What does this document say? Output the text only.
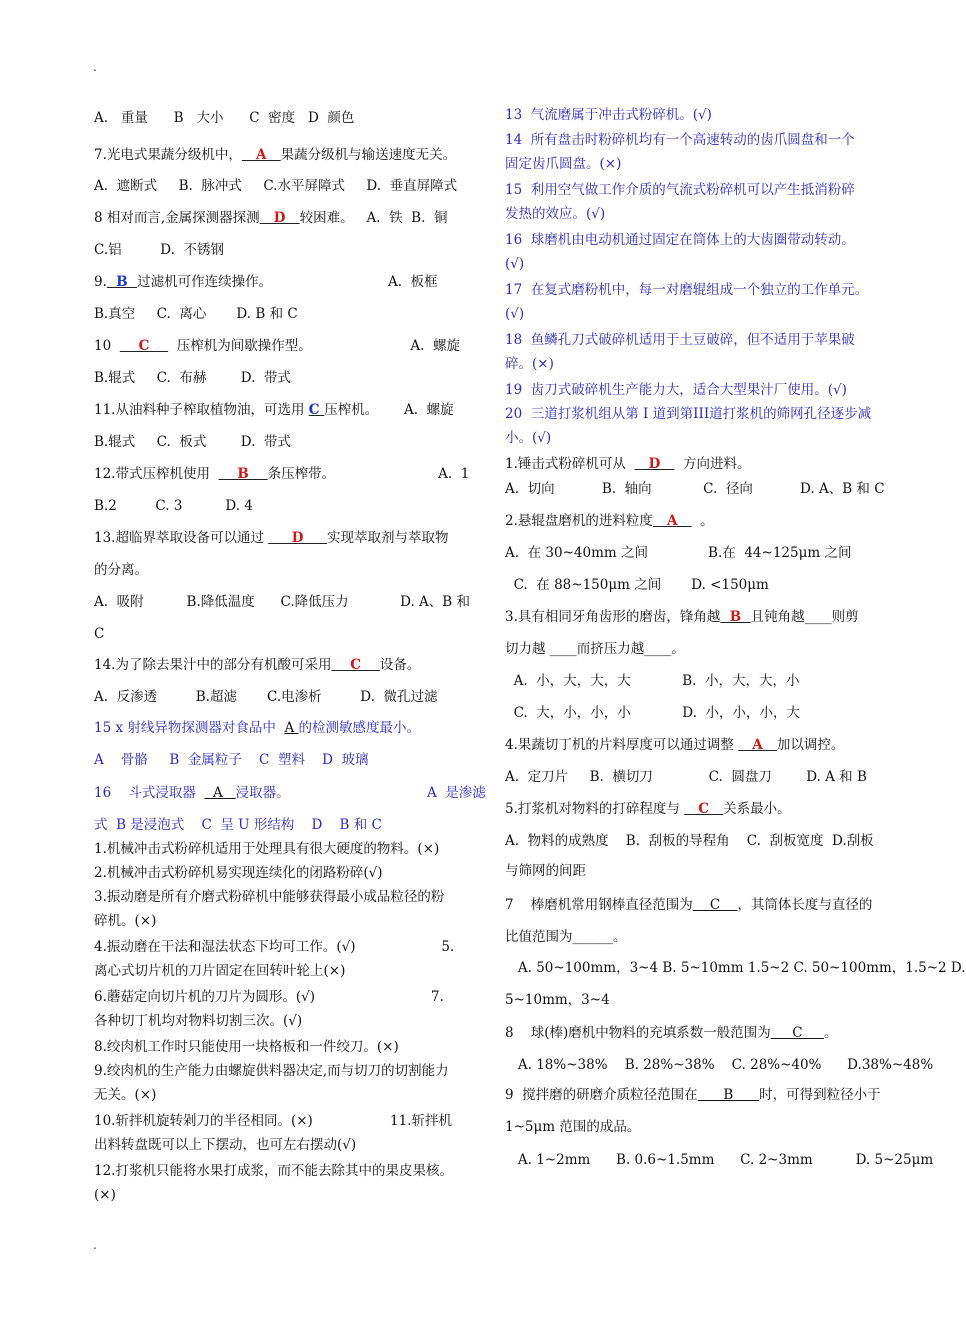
.
.
A.   重量      B   大小      C  密度   D  颜色
7.光电式果蔬分级机中，   A   果蔬分级机与输送速度无关。
A.  遮断式     B.  脉冲式     C.水平屏障式     D.  垂直屏障式
8 相对而言,金属探测器探测   D   较困难。   A.  铁  B.  铜
C.铝         D.  不锈钢
9.  B  过滤机可作连续操作。                           A.  板框
B.真空     C.  离心       D. B 和 C
10      C      压榨机为间歇操作型。                       A.  螺旋
B.辊式     C.  布赫        D.  带式
11.从油料种子榨取植物油，可选用 C 压榨机。      A.  螺旋
B.辊式     C.  板式        D.  带式
12.带式压榨机使用      B    条压榨带。                        A.  1
B.2         C. 3          D. 4
13.超临界萃取设备可以通过      D     实现萃取剂与萃取物
的分离。
A.  吸附          B.降低温度      C.降低压力            D. A、B 和
C
14.为了除去果汁中的部分有机酸可采用    C    设备。
A.  反渗透         B.超滤       C.电渗析         D.  微孔过滤
15 x 射线异物探测器对食品中  A 的检测敏感度最小。
A    骨骼     B  金属粒子    C  塑料    D  玻璃
16    斗式浸取器    A   浸取器。                                A  是渗滤
式  B 是浸泡式    C  呈 U 形结构    D    B 和 C
1.机械冲击式粉碎机适用于处理具有很大硬度的物料。(×)
2.机械冲击式粉碎机易实现连续化的闭路粉碎(√)
3.振动磨是所有介磨式粉碎机中能够获得最小成品粒径的粉
碎机。(×)
4.振动磨在干法和湿法状态下均可工作。(√)                    5.
离心式切片机的刀片固定在回转叶轮上(×)
6.蘑菇定向切片机的刀片为圆形。(√)                           7.
各种切丁机均对物料切割三次。(√)
8.绞肉机工作时只能使用一块格板和一件绞刀。(×)
9.绞肉机的生产能力由螺旋供料器决定,而与切刀的切割能力
无关。(×)
10.斩拌机旋转剁刀的半径相同。(×)                  11.斩拌机
出料转盘既可以上下摆动，也可左右摆动(√)
12.打浆机只能将水果打成浆，而不能去除其中的果皮果核。
(×)
13  气流磨属于冲击式粉碎机。(√)
14  所有盘击时粉碎机均有一个高速转动的齿爪圆盘和一个
固定齿爪圆盘。(×)
15  利用空气做工作介质的气流式粉碎机可以产生抵消粉碎
发热的效应。(√)
16  球磨机由电动机通过固定在筒体上的大齿圈带动转动。
(√)
17  在复式磨粉机中，每一对磨辊组成一个独立的工作单元。
(√)
18  鱼鳞孔刀式破碎机适用于土豆破碎，但不适用于苹果破
碎。(×)
19  齿刀式破碎机生产能力大，适合大型果汁厂使用。(√)
20  三道打浆机组从第 I 道到第III道打浆机的筛网孔径逐步减
小。(√)
1.锤击式粉碎机可从     D     方向进料。
A.  切向           B.  轴向            C.  径向           D. A、B 和 C
2.悬辊盘磨机的进料粒度   A     。
A.  在 30~40mm 之间              B.在  44~125μm 之间
C.  在 88~150μm 之间       D. <150μm
3.具有相同牙角齿形的磨齿，锋角越  B  且钝角越____则剪
切力越 ____而挤压力越____。
A.  小，大，大，大            B.  小，大，大，小
C.  大，小，小，小            D.  小，小，小，大
4.果蔬切丁机的片料厚度可以通过调整    A   加以调控。
A.  定刀片     B.  横切刀             C.  圆盘刀        D. A 和 B
5.打浆机对物料的打碎程度与    C   关系最小。
A.  物料的成熟度    B.  刮板的导程角    C.  刮板宽度  D.刮板
与筛网的间距
7    棒磨机常用钢棒直径范围为    C    ，其筒体长度与直径的
比值范围为______。
A. 50~100mm，3~4 B. 5~10mm 1.5~2 C. 50~100mm，1.5~2 D.
5~10mm，3~4
8    球(棒)磨机中物料的充填系数一般范围为     C     。
A. 18%~38%    B. 28%~38%    C. 28%~40%      D.38%~48%
9  搅拌磨的研磨介质粒径范围在      B      时，可得到粒径小于
1~5μm 范围的成品。
A. 1~2mm      B. 0.6~1.5mm      C. 2~3mm          D. 5~25μm
